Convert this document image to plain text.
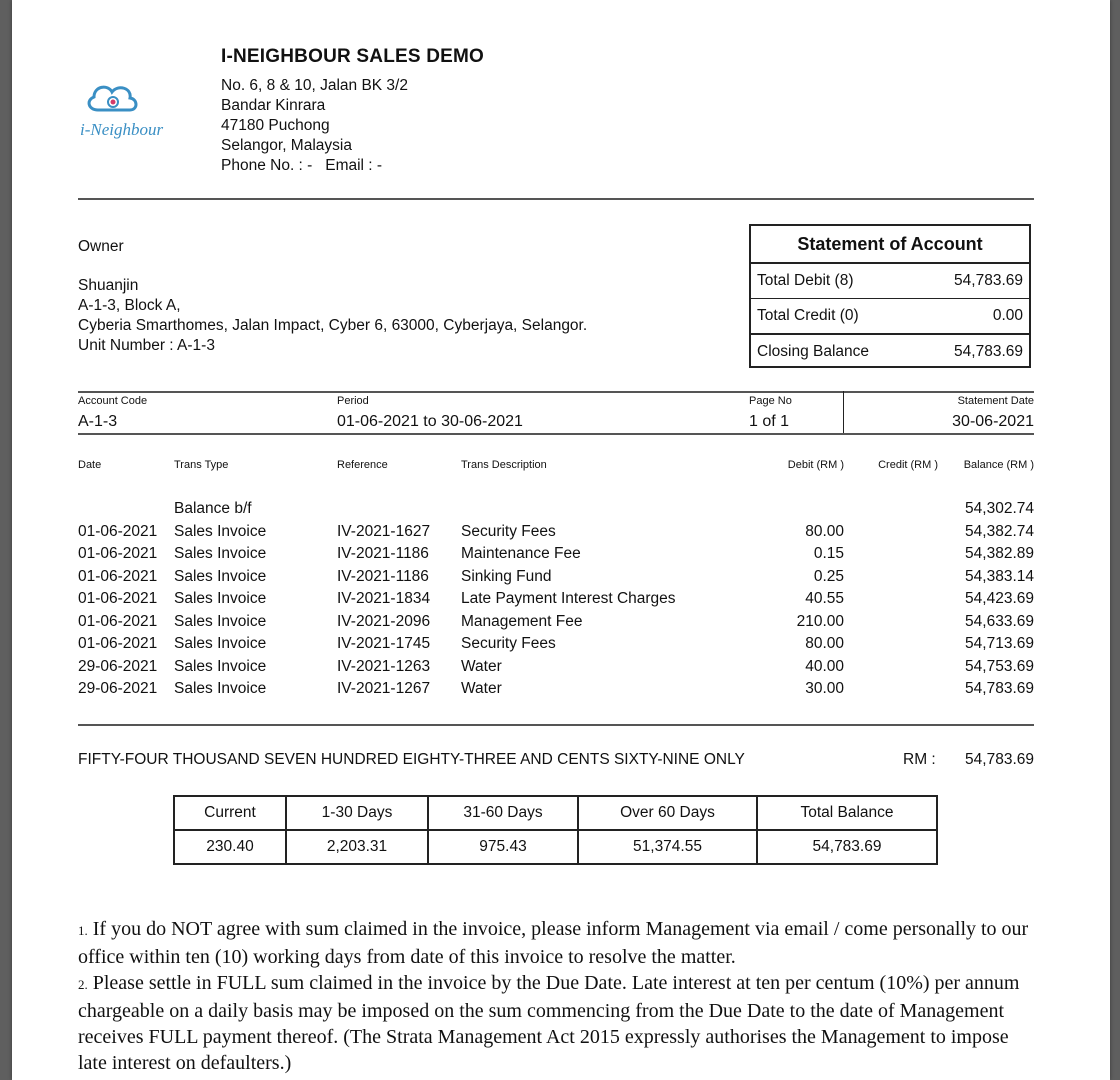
i-Neighbour
I-NEIGHBOUR SALES DEMO
No. 6, 8 & 10, Jalan BK 3/2
Bandar Kinrara
47180 Puchong
Selangor, Malaysia
Phone No. : -   Email : -
Owner
Shuanjin
A-1-3, Block A,
Cyberia Smarthomes, Jalan Impact, Cyber 6, 63000, Cyberjaya, Selangor.
Unit Number : A-1-3
Statement of Account
Total Debit (8)	54,783.69
Total Credit (0)	0.00
Closing Balance	54,783.69
Account Code
A-1-3
Period
01-06-2021 to 30-06-2021
Page No
1 of 1
Statement Date
30-06-2021
Date	Trans Type	Reference	Trans Description	Debit (RM )	Credit (RM ) Balance (RM )
Balance b/f	54,302.74
01-06-2021 Sales Invoice	IV-2021-1627 Security Fees	80.00	54,382.74
01-06-2021 Sales Invoice	IV-2021-1186 Maintenance Fee	0.15	54,382.89
01-06-2021 Sales Invoice	IV-2021-1186 Sinking Fund	0.25	54,383.14
01-06-2021 Sales Invoice	IV-2021-1834 Late Payment Interest Charges	40.55	54,423.69
01-06-2021 Sales Invoice	IV-2021-2096 Management Fee	210.00	54,633.69
01-06-2021 Sales Invoice	IV-2021-1745 Security Fees	80.00	54,713.69
29-06-2021 Sales Invoice	IV-2021-1263 Water	40.00	54,753.69
29-06-2021 Sales Invoice	IV-2021-1267 Water	30.00	54,783.69
FIFTY-FOUR THOUSAND SEVEN HUNDRED EIGHTY-THREE AND CENTS SIXTY-NINE ONLY	RM : 54,783.69
Current	1-30 Days	31-60 Days	Over 60 Days	Total Balance
230.40	2,203.31	975.43	51,374.55	54,783.69

1. If you do NOT agree with sum claimed in the invoice, please inform Management via email / come personally to our office within ten (10) working days from date of this invoice to resolve the matter.

2. Please settle in FULL sum claimed in the invoice by the Due Date. Late interest at ten per centum (10%) per annum chargeable on a daily basis may be imposed on the sum commencing from the Due Date to the date of Management receives FULL payment thereof. (The Strata Management Act 2015 expressly authorises the Management to impose late interest on defaulters.)
